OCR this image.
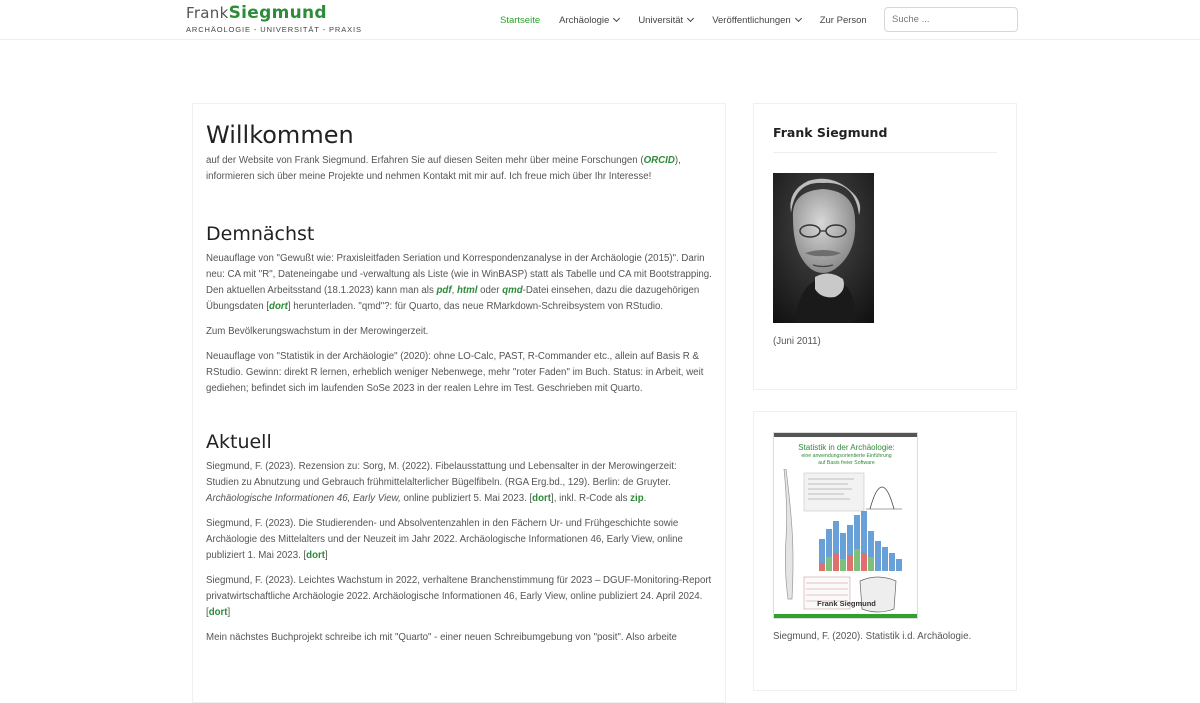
FrankSiegmund
ARCHÄOLOGIE - UNIVERSITÄT - PRAXIS
Startseite Archäologie	Universität	Veröffentlichungen	Zur Person
Suche ...
Willkommen

auf der Website von Frank Siegmund. Erfahren Sie auf diesen Seiten mehr über meine Forschungen (ORCID), informieren sich über meine Projekte und nehmen Kontakt mit mir auf. Ich freue mich über Ihr Interesse!

Demnächst

Neuauflage von "Gewußt wie: Praxisleitfaden Seriation und Korrespondenzanalyse in der Archäologie (2015)". Darin neu: CA mit "R", Dateneingabe und -verwaltung als Liste (wie in WinBASP) statt als Tabelle und CA mit Bootstrapping. Den aktuellen Arbeitsstand (18.1.2023) kann man als pdf, html oder qmd-Datei einsehen, dazu die dazugehörigen Übungsdaten [dort] herunterladen. "qmd"?: für Quarto, das neue RMarkdown-Schreibsystem von RStudio.

Zum Bevölkerungswachstum in der Merowingerzeit.

Neuauflage von "Statistik in der Archäologie" (2020): ohne LO-Calc, PAST, R-Commander etc., allein auf Basis R & RStudio. Gewinn: direkt R lernen, erheblich weniger Nebenwege, mehr "roter Faden" im Buch. Status: in Arbeit, weit gediehen; befindet sich im laufenden SoSe 2023 in der realen Lehre im Test. Geschrieben mit Quarto.

Aktuell

Siegmund, F. (2023). Rezension zu: Sorg, M. (2022). Fibelausstattung und Lebensalter in der Merowingerzeit: Studien zu Abnutzung und Gebrauch frühmittelalterlicher Bügelfibeln. (RGA Erg.bd., 129). Berlin: de Gruyter. Archäologische Informationen 46, Early View, online publiziert 5. Mai 2023. [dort], inkl. R-Code als zip.

Siegmund, F. (2023). Die Studierenden- und Absolventenzahlen in den Fächern Ur- und Frühgeschichte sowie Archäologie des Mittelalters und der Neuzeit im Jahr 2022. Archäologische Informationen 46, Early View, online publiziert 1. Mai 2023. [dort]

Siegmund, F. (2023). Leichtes Wachstum in 2022, verhaltene Branchenstimmung für 2023 – DGUF-Monitoring-Report privatwirtschaftliche Archäologie 2022. Archäologische Informationen 46, Early View, online publiziert 24. April 2024. [dort]

Mein nächstes Buchprojekt schreibe ich mit "Quarto" - einer neuen Schreibumgebung von "posit". Also arbeite

Frank Siegmund
(Juni 2011)
Statistik in der Archäologie:
eine anwendungsorientierte Einführung
auf Basis freier Software
Frank Siegmund
Siegmund, F. (2020). Statistik i.d. Archäologie.
